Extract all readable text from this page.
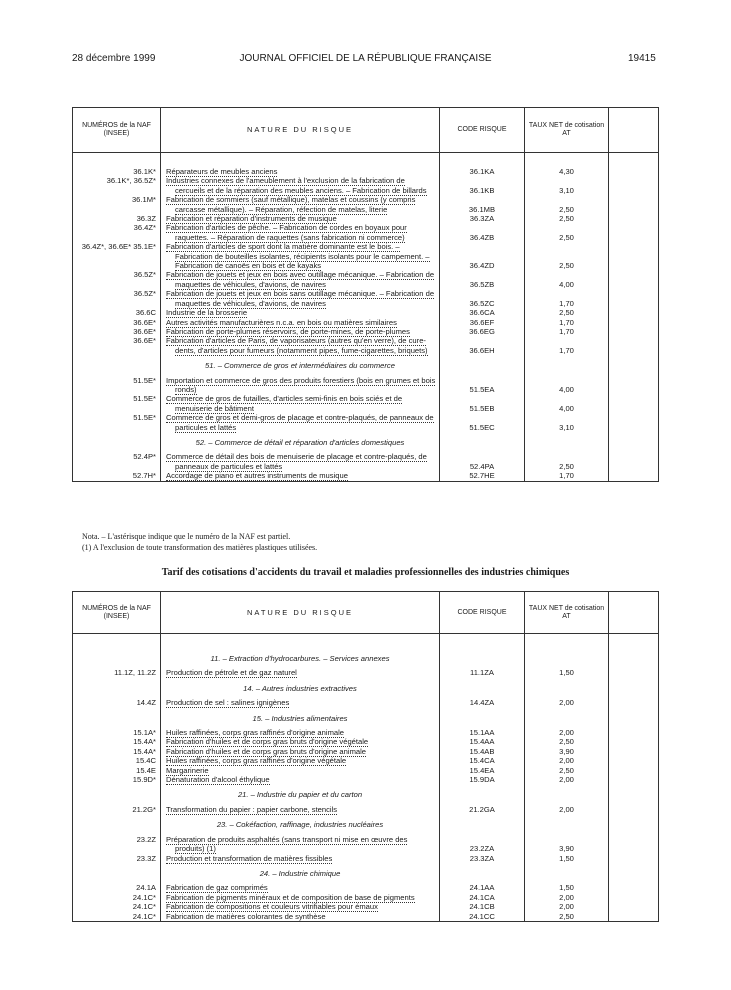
28 décembre 1999	JOURNAL OFFICIEL DE LA RÉPUBLIQUE FRANÇAISE	19415
NUMÉROS de la NAF (INSEE)	NATURE DU RISQUE	CODE RISQUE	TAUX NET de cotisation AT	

36.1K*	Réparateurs de meubles anciens	36.1KA	4,30	
36.1K*, 36.5Z*	Industries connexes de l'ameublement à l'exclusion de la fabrication de cercueils et de la réparation des meubles anciens. – Fabrication de billards	36.1KB	3,10	
36.1M*	Fabrication de sommiers (sauf métallique), matelas et coussins (y compris carcasse métallique). – Réparation, réfection de matelas, literie	36.1MB	2,50	
36.3Z	Fabrication et réparation d'instruments de musique	36.3ZA	2,50	
36.4Z*	Fabrication d'articles de pêche. – Fabrication de cordes en boyaux pour raquettes. – Réparation de raquettes (sans fabrication ni commerce)	36.4ZB	2,50	
36.4Z*, 36.6E* 35.1E*	Fabrication d'articles de sport dont la matière dominante est le bois. – Fabrication de bouteilles isolantes, récipients isolants pour le campement. – Fabrication de canoës en bois et de kayaks	36.4ZD	2,50	
36.5Z*	Fabrication de jouets et jeux en bois avec outillage mécanique. – Fabrication de maquettes de véhicules, d'avions, de navires	36.5ZB	4,00	
36.5Z*	Fabrication de jouets et jeux en bois sans outillage mécanique. – Fabrication de maquettes de véhicules, d'avions, de navires	36.5ZC	1,70	
36.6C	Industrie de la brosserie	36.6CA	2,50	
36.6E*	Autres activités manufacturières n.c.a. en bois ou matières similaires	36.6EF	1,70	
36.6E*	Fabrication de porte-plumes réservoirs, de porte-mines, de porte-plumes	36.6EG	1,70	
36.6E*	Fabrication d'articles de Paris, de vaporisateurs (autres qu'en verre), de cure-dents, d'articles pour fumeurs (notamment pipes, fume-cigarettes, briquets)	36.6EH	1,70	
	51. – Commerce de gros et intermédiaires du commerce			
51.5E*	Importation et commerce de gros des produits forestiers (bois en grumes et bois ronds)	51.5EA	4,00	
51.5E*	Commerce de gros de futailles, d'articles semi-finis en bois sciés et de menuiserie de bâtiment	51.5EB	4,00	
51.5E*	Commerce de gros et demi-gros de placage et contre-plaqués, de panneaux de particules et lattés	51.5EC	3,10	
	52. – Commerce de détail et réparation d'articles domestiques			
52.4P*	Commerce de détail des bois de menuiserie de placage et contre-plaqués, de panneaux de particules et lattés	52.4PA	2,50	
52.7H*	Accordage de piano et autres instruments de musique	52.7HE	1,70	
Nota. – L'astérisque indique que le numéro de la NAF est partiel.
(1) A l'exclusion de toute transformation des matières plastiques utilisées.
Tarif des cotisations d'accidents du travail et maladies professionnelles des industries chimiques
NUMÉROS de la NAF (INSEE)	NATURE DU RISQUE	CODE RISQUE	TAUX NET de cotisation AT	

	11. – Extraction d'hydrocarbures. – Services annexes			
11.1Z, 11.2Z	Production de pétrole et de gaz naturel	11.1ZA	1,50	
	14. – Autres industries extractives			
14.4Z	Production de sel : salines ignigènes	14.4ZA	2,00	
	15. – Industries alimentaires			
15.1A*	Huiles raffinées, corps gras raffinés d'origine animale	15.1AA	2,00	
15.4A*	Fabrication d'huiles et de corps gras bruts d'origine végétale	15.4AA	2,50	
15.4A*	Fabrication d'huiles et de corps gras bruts d'origine animale	15.4AB	3,90	
15.4C	Huiles raffinées, corps gras raffinés d'origine végétale	15.4CA	2,00	
15.4E	Margarinerie	15.4EA	2,50	
15.9D*	Dénaturation d'alcool éthylique	15.9DA	2,00	
	21. – Industrie du papier et du carton			
21.2G*	Transformation du papier : papier carbone, stencils	21.2GA	2,00	
	23. – Cokéfaction, raffinage, industries nucléaires			
23.2Z	Préparation de produits asphaltés (sans transport ni mise en œuvre des produits) (1)	23.2ZA	3,90	
23.3Z	Production et transformation de matières fissibles	23.3ZA	1,50	
	24. – Industrie chimique			
24.1A	Fabrication de gaz comprimés	24.1AA	1,50	
24.1C*	Fabrication de pigments minéraux et de composition de base de pigments	24.1CA	2,00	
24.1C*	Fabrication de compositions et couleurs vitrifiables pour émaux	24.1CB	2,00	
24.1C*	Fabrication de matières colorantes de synthèse	24.1CC	2,50	
